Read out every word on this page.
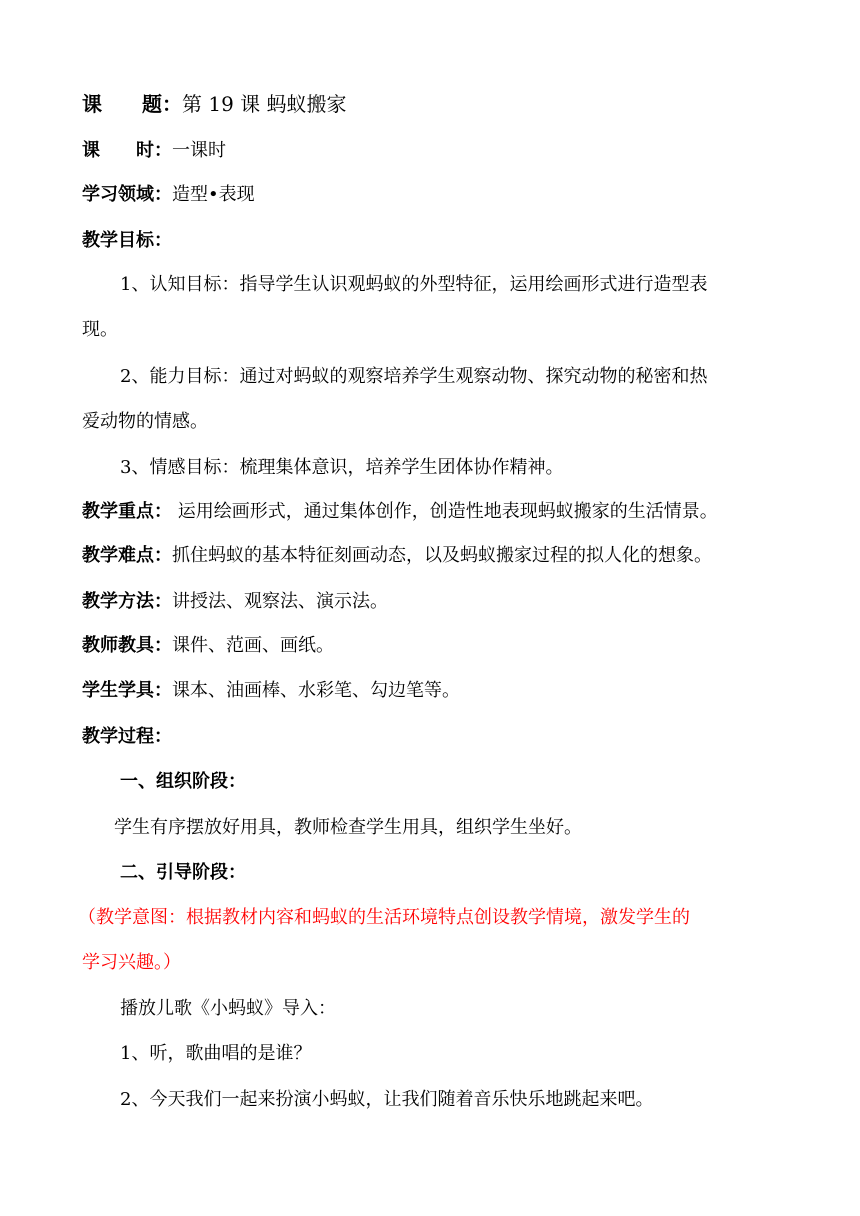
课　　题：第 19 课 蚂蚁搬家
课　　时：一课时
学习领域：造型•表现
教学目标：
1、认知目标：指导学生认识观蚂蚁的外型特征，运用绘画形式进行造型表
现。
2、能力目标：通过对蚂蚁的观察培养学生观察动物、探究动物的秘密和热
爱动物的情感。
3、情感目标：梳理集体意识，培养学生团体协作精神。
教学重点： 运用绘画形式，通过集体创作，创造性地表现蚂蚁搬家的生活情景。
教学难点：抓住蚂蚁的基本特征刻画动态，以及蚂蚁搬家过程的拟人化的想象。
教学方法：讲授法、观察法、演示法。
教师教具：课件、范画、画纸。
学生学具：课本、油画棒、水彩笔、勾边笔等。
教学过程：
一、组织阶段：
学生有序摆放好用具，教师检查学生用具，组织学生坐好。
二、引导阶段：
（教学意图：根据教材内容和蚂蚁的生活环境特点创设教学情境，激发学生的
学习兴趣。）
播放儿歌《小蚂蚁》导入：
1、听，歌曲唱的是谁？
2、今天我们一起来扮演小蚂蚁，让我们随着音乐快乐地跳起来吧。
